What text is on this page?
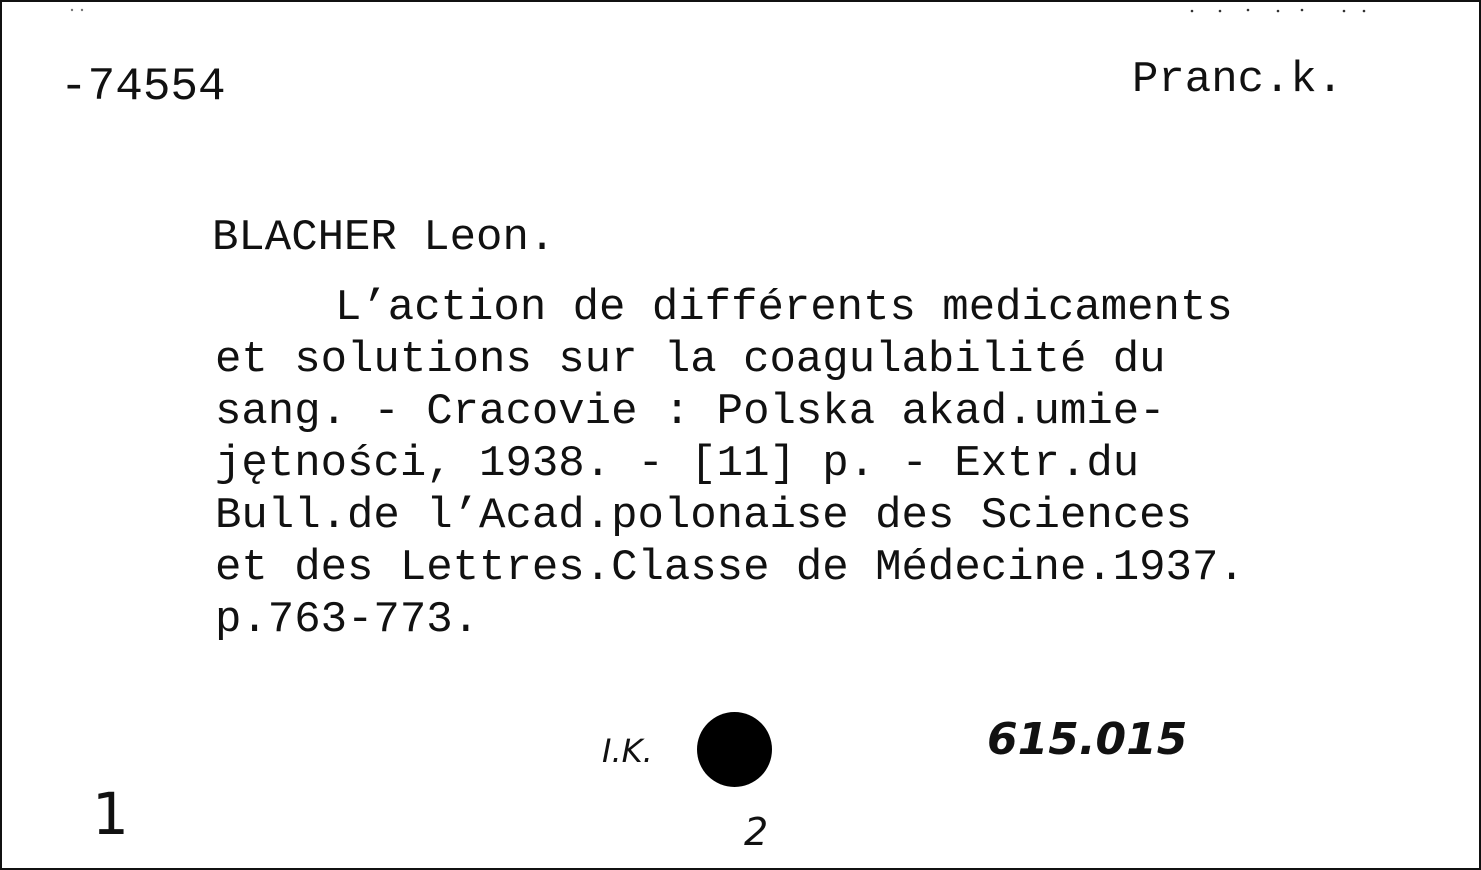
-74554	Pranc.k.
BLACHER Leon.
L’action de différents medicaments
et solutions sur la coagulabilité du
sang. - Cracovie : Polska akad.umie-
jętności, 1938. - [11] p. - Extr.du
Bull.de l’Acad.polonaise des Sciences
et des Lettres.Classe de Médecine.1937.
p.763-773.
1
I.K.	615.015
2
